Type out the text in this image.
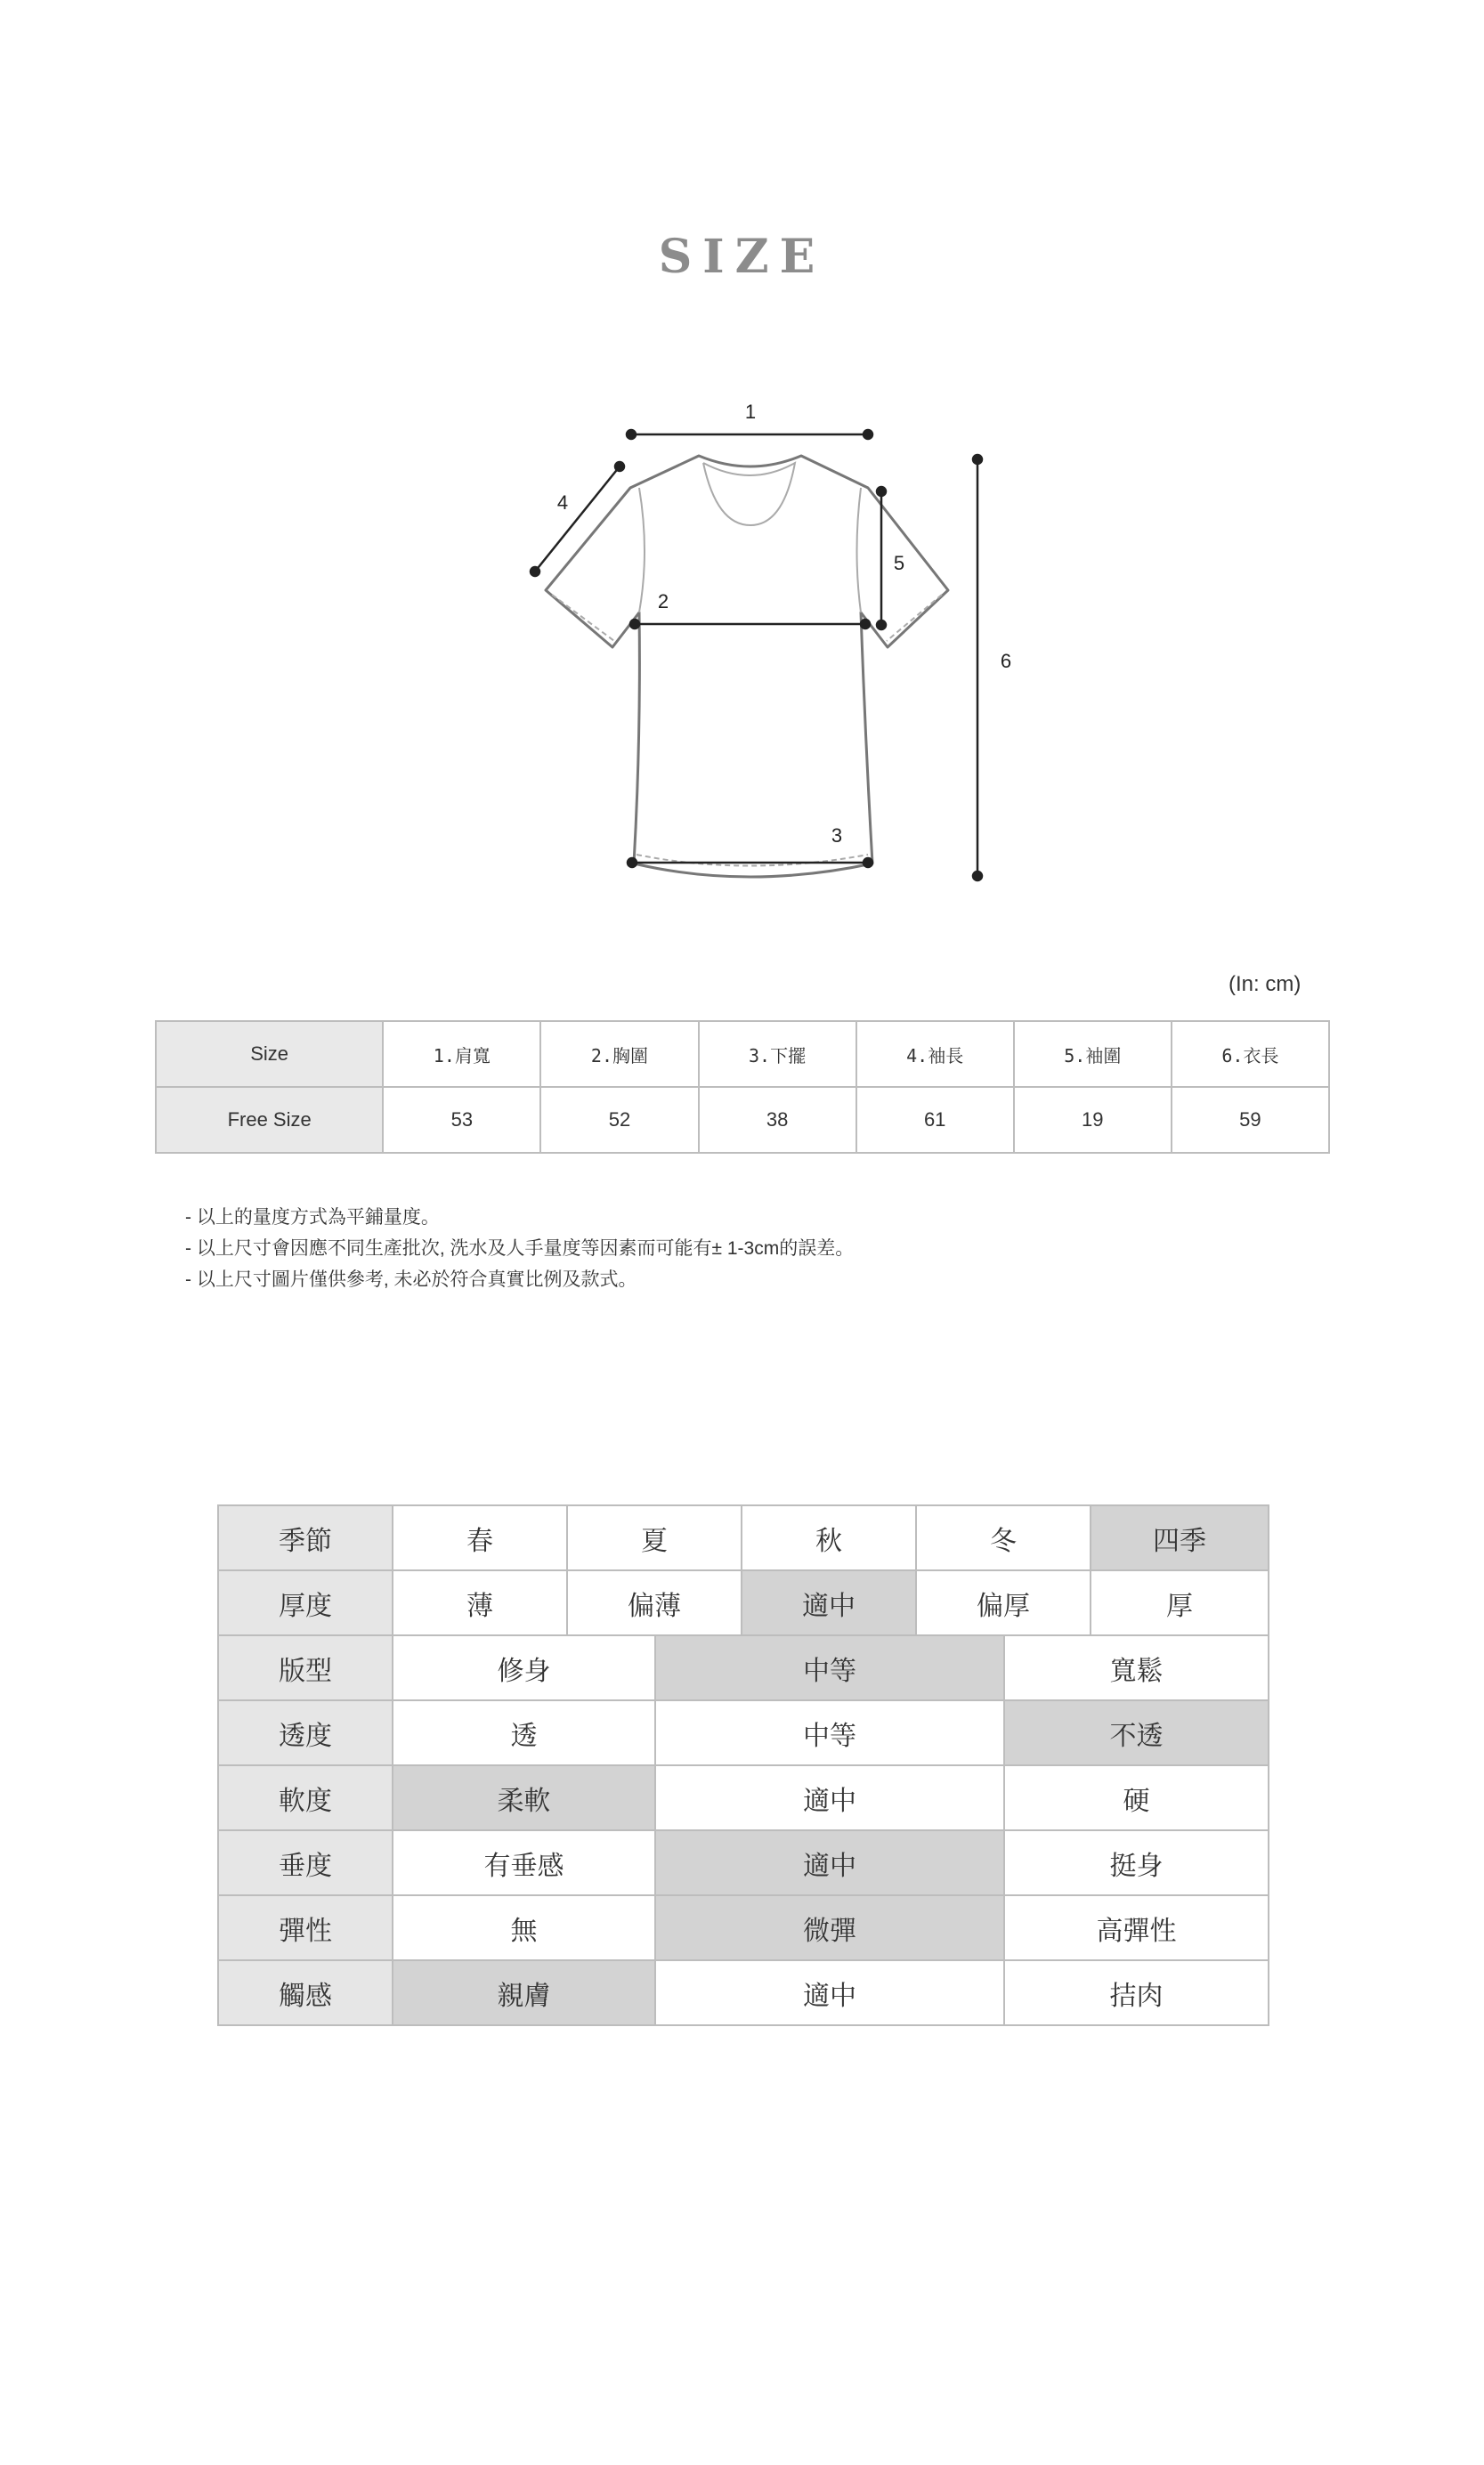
SIZE
1
2
3
4
5
6
(In: cm)
Size	1.肩寬	2.胸圍	3.下擺	4.袖長	5.袖圍	6.衣長
Free Size	53	52	38	61	19	59
- 以上的量度方式為平鋪量度。
- 以上尺寸會因應不同生產批次, 洗水及人手量度等因素而可能有± 1-3cm的誤差。
- 以上尺寸圖片僅供參考, 未必於符合真實比例及款式。
季節	春	夏		秋	冬		四季
厚度	薄	偏薄		適中	偏厚		厚
版型	修身		中等			寬鬆	
透度	透		中等			不透	
軟度	柔軟		適中			硬	
垂度	有垂感		適中			挺身	
彈性	無		微彈			高彈性	
觸感	親膚		適中			拮肉	
